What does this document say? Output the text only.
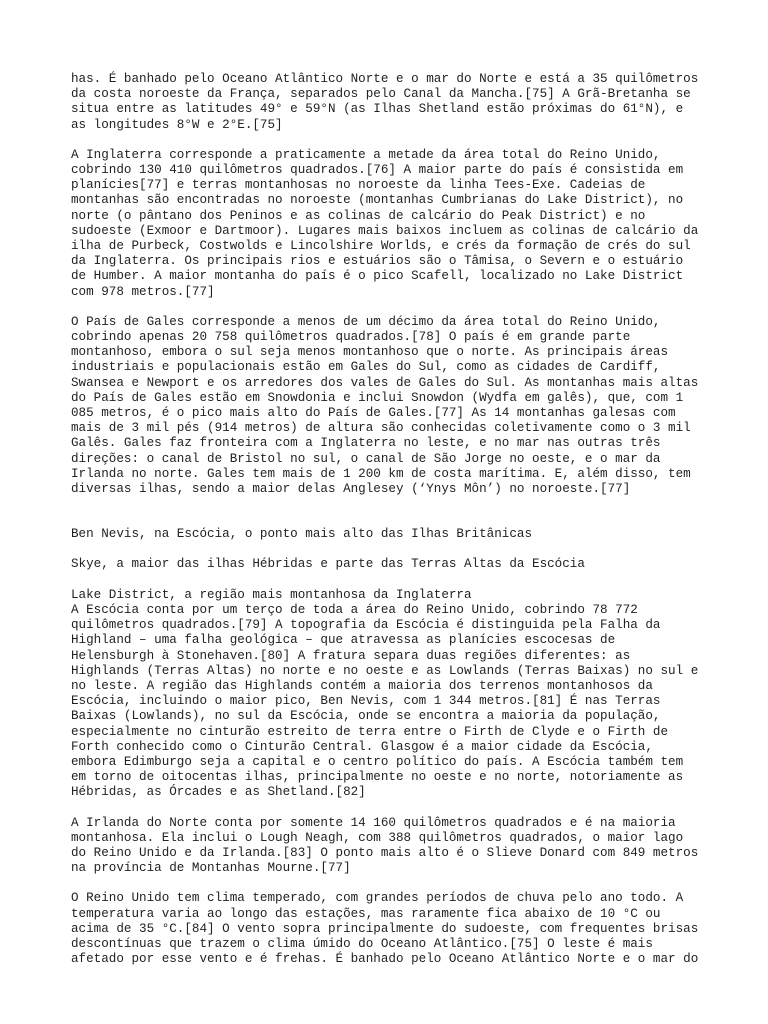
has. É banhado pelo Oceano Atlântico Norte e o mar do Norte e está a 35 quilômetros
da costa noroeste da França, separados pelo Canal da Mancha.[75] A Grã-Bretanha se
situa entre as latitudes 49° e 59°N (as Ilhas Shetland estão próximas do 61°N), e
as longitudes 8°W e 2°E.[75]

A Inglaterra corresponde a praticamente a metade da área total do Reino Unido,
cobrindo 130 410 quilômetros quadrados.[76] A maior parte do país é consistida em
planícies[77] e terras montanhosas no noroeste da linha Tees-Exe. Cadeias de
montanhas são encontradas no noroeste (montanhas Cumbrianas do Lake District), no
norte (o pântano dos Peninos e as colinas de calcário do Peak District) e no
sudoeste (Exmoor e Dartmoor). Lugares mais baixos incluem as colinas de calcário da
ilha de Purbeck, Costwolds e Lincolshire Worlds, e crés da formação de crés do sul
da Inglaterra. Os principais rios e estuários são o Tâmisa, o Severn e o estuário
de Humber. A maior montanha do país é o pico Scafell, localizado no Lake District
com 978 metros.[77]

O País de Gales corresponde a menos de um décimo da área total do Reino Unido,
cobrindo apenas 20 758 quilômetros quadrados.[78] O país é em grande parte
montanhoso, embora o sul seja menos montanhoso que o norte. As principais áreas
industriais e populacionais estão em Gales do Sul, como as cidades de Cardiff,
Swansea e Newport e os arredores dos vales de Gales do Sul. As montanhas mais altas
do País de Gales estão em Snowdonia e inclui Snowdon (Wydfa em galês), que, com 1
085 metros, é o pico mais alto do País de Gales.[77] As 14 montanhas galesas com
mais de 3 mil pés (914 metros) de altura são conhecidas coletivamente como o 3 mil
Galês. Gales faz fronteira com a Inglaterra no leste, e no mar nas outras três
direções: o canal de Bristol no sul, o canal de São Jorge no oeste, e o mar da
Irlanda no norte. Gales tem mais de 1 200 km de costa marítima. E, além disso, tem
diversas ilhas, sendo a maior delas Anglesey (‘Ynys Môn’) no noroeste.[77]

Ben Nevis, na Escócia, o ponto mais alto das Ilhas Britânicas

Skye, a maior das ilhas Hébridas e parte das Terras Altas da Escócia

Lake District, a região mais montanhosa da Inglaterra

A Escócia conta por um terço de toda a área do Reino Unido, cobrindo 78 772
quilômetros quadrados.[79] A topografia da Escócia é distinguida pela Falha da
Highland – uma falha geológica – que atravessa as planícies escocesas de
Helensburgh à Stonehaven.[80] A fratura separa duas regiões diferentes: as
Highlands (Terras Altas) no norte e no oeste e as Lowlands (Terras Baixas) no sul e
no leste. A região das Highlands contém a maioria dos terrenos montanhosos da
Escócia, incluindo o maior pico, Ben Nevis, com 1 344 metros.[81] É nas Terras
Baixas (Lowlands), no sul da Escócia, onde se encontra a maioria da população,
especialmente no cinturão estreito de terra entre o Firth de Clyde e o Firth de
Forth conhecido como o Cinturão Central. Glasgow é a maior cidade da Escócia,
embora Edimburgo seja a capital e o centro político do país. A Escócia também tem
em torno de oitocentas ilhas, principalmente no oeste e no norte, notoriamente as
Hébridas, as Órcades e as Shetland.[82]

A Irlanda do Norte conta por somente 14 160 quilômetros quadrados e é na maioria
montanhosa. Ela inclui o Lough Neagh, com 388 quilômetros quadrados, o maior lago
do Reino Unido e da Irlanda.[83] O ponto mais alto é o Slieve Donard com 849 metros
na província de Montanhas Mourne.[77]

O Reino Unido tem clima temperado, com grandes períodos de chuva pelo ano todo. A
temperatura varia ao longo das estações, mas raramente fica abaixo de 10 °C ou
acima de 35 °C.[84] O vento sopra principalmente do sudoeste, com frequentes brisas
descontínuas que trazem o clima úmido do Oceano Atlântico.[75] O leste é mais
afetado por esse vento e é frehas. É banhado pelo Oceano Atlântico Norte e o mar do
